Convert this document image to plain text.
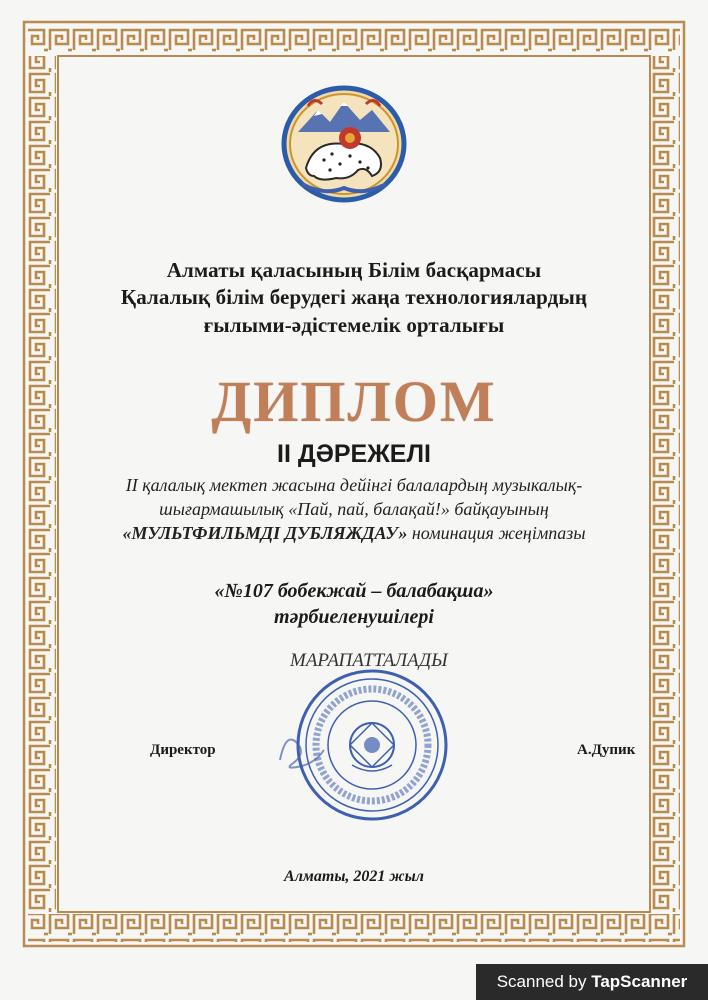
Алматы қаласының Білім басқармасы
Қалалық білім берудегі жаңа технологиялардың
ғылыми-әдістемелік орталығы
ДИПЛОМ
II ДӘРЕЖЕЛІ
II қалалық мектеп жасына дейінгі балалардың музыкалық-
шығармашылық «Пай, пай, балақай!» байқауының
«МУЛЬТФИЛЬМДІ ДУБЛЯЖДАУ» номинация жеңімпазы
«№107 бобекжай – балабақша»
тәрбиеленушілері
МАРАПАТТАЛАДЫ
Директор	А.Дупик
Алматы, 2021 жыл
Scanned by TapScanner
